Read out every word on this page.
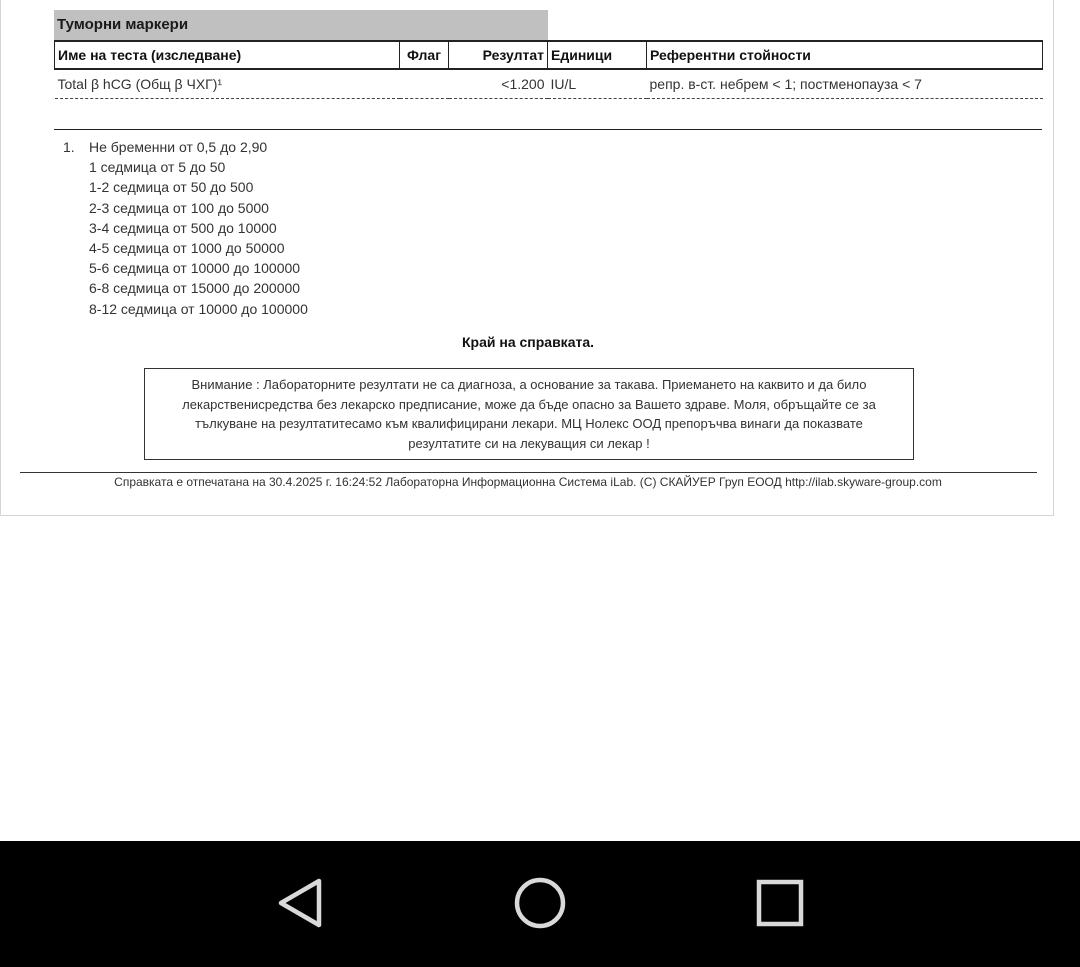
Туморни маркери
Име на теста (изследване)	Флаг	Резултат	Единици	Референтни стойности
Total β hCG (Общ β ЧХГ)¹		<1.200	IU/L	репр. в-ст. небрем < 1; постменопауза < 7
1. Не бременни от 0,5 до 2,90
1 седмица от 5 до 50
1-2 седмица от 50 до 500
2-3 седмица от 100 до 5000
3-4 седмица от 500 до 10000
4-5 седмица от 1000 до 50000
5-6 седмица от 10000 до 100000
6-8 седмица от 15000 до 200000
8-12 седмица от 10000 до 100000
Край на справката.
Внимание : Лабораторните резултати не са диагноза, а основание за такава. Приемането на каквито и да било
лекарственисредства без лекарско предписание, може да бъде опасно за Вашето здраве. Моля, обръщайте се за
тълкуване на резултатитесамо към квалифицирани лекари. МЦ Нолекс ООД препоръчва винаги да показвате
резултатите си на лекуващия си лекар !
Справката е отпечатана на 30.4.2025 г. 16:24:52 Лабораторна Информационна Система iLab. (C) СКАЙУЕР Груп ЕООД http://ilab.skyware-group.com
